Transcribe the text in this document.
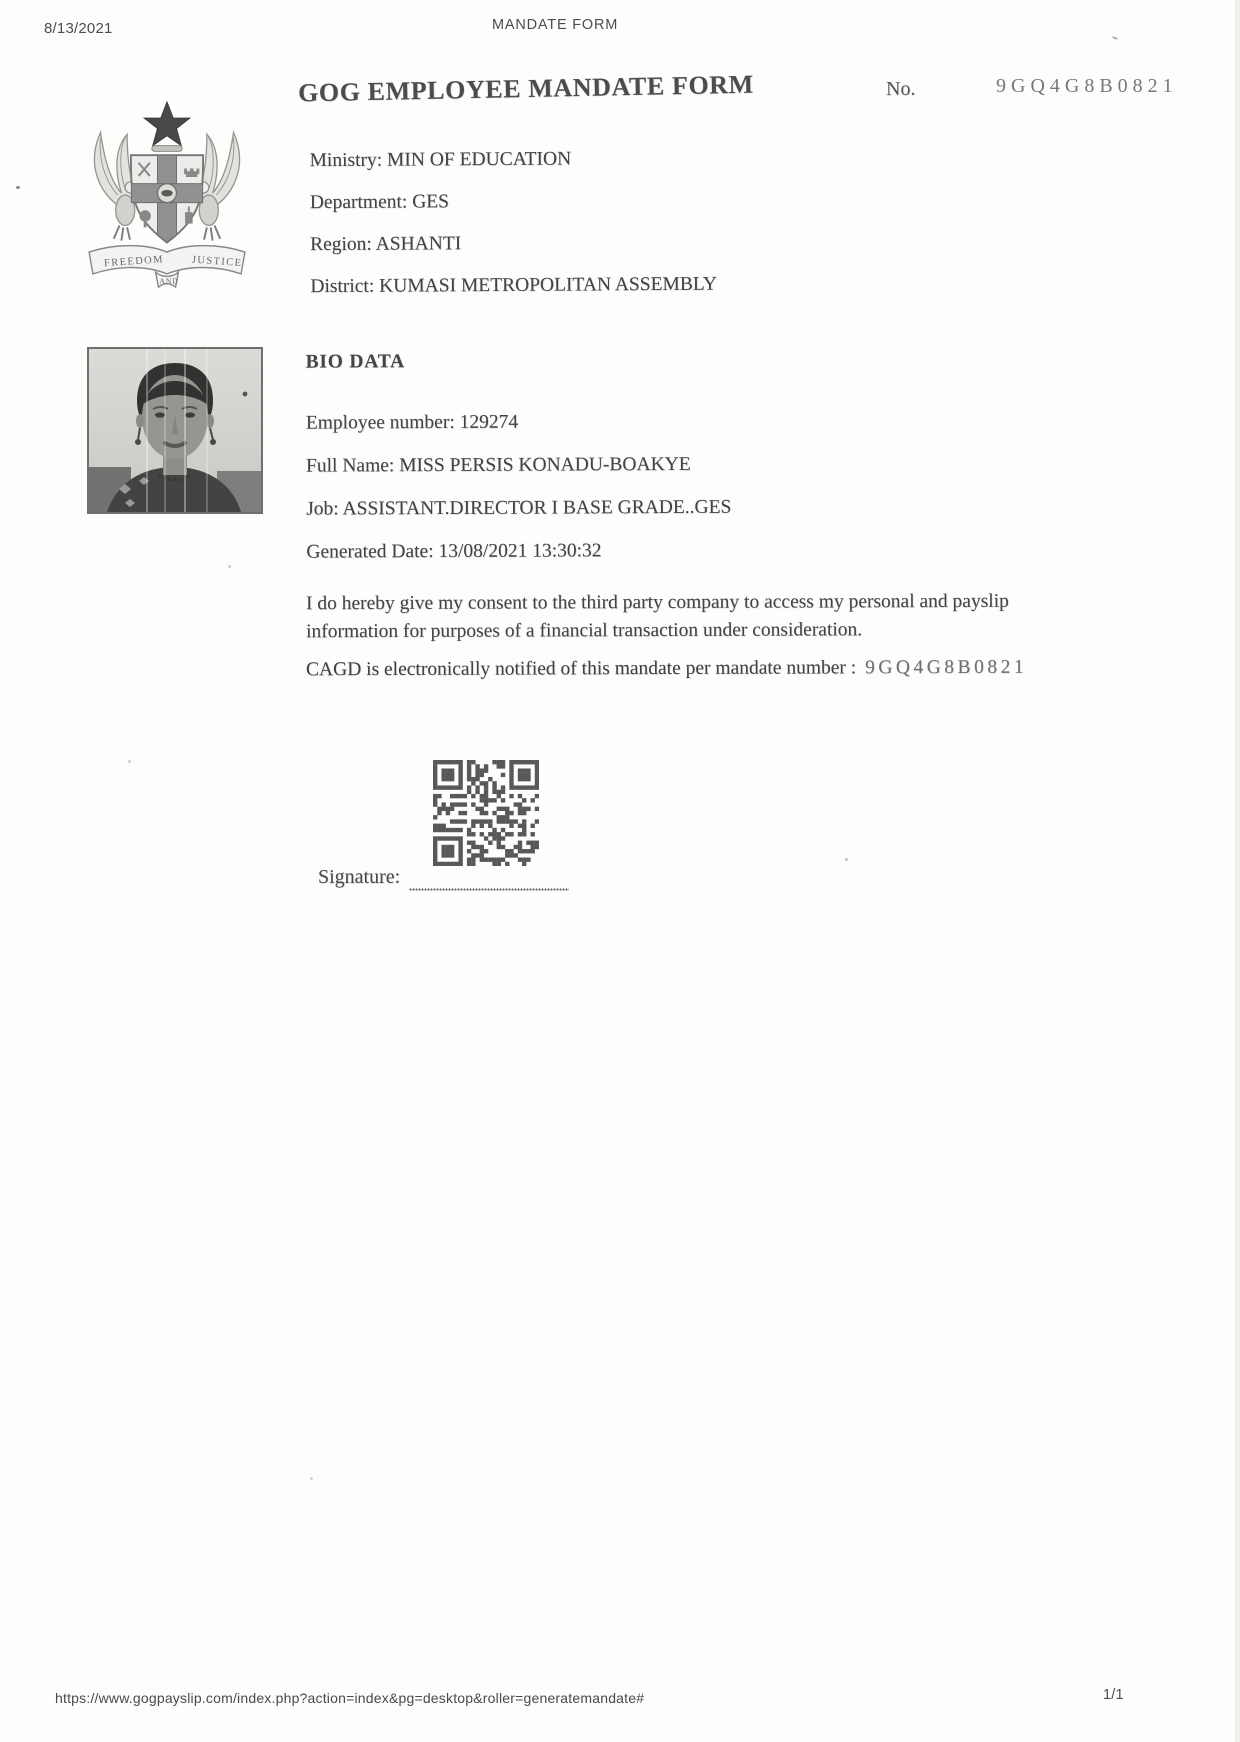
8/13/2021	MANDATE FORM
GOG EMPLOYEE MANDATE FORM	No.	9GQ4G8B0821
FREEDOM JUSTICE
AND
Ministry: MIN OF EDUCATION
Department: GES
Region: ASHANTI
District: KUMASI METROPOLITAN ASSEMBLY
BIO DATA
Employee number: 129274
Full Name: MISS PERSIS KONADU-BOAKYE
Job: ASSISTANT.DIRECTOR I BASE GRADE..GES
Generated Date: 13/08/2021 13:30:32

I do hereby give my consent to the third party company to access my personal and payslip information for purposes of a financial transaction under consideration.

CAGD is electronically notified of this mandate per mandate number : 9GQ4G8B0821
Signature:
https://www.gogpayslip.com/index.php?action=index&pg=desktop&roller=generatemandate#	1/1
